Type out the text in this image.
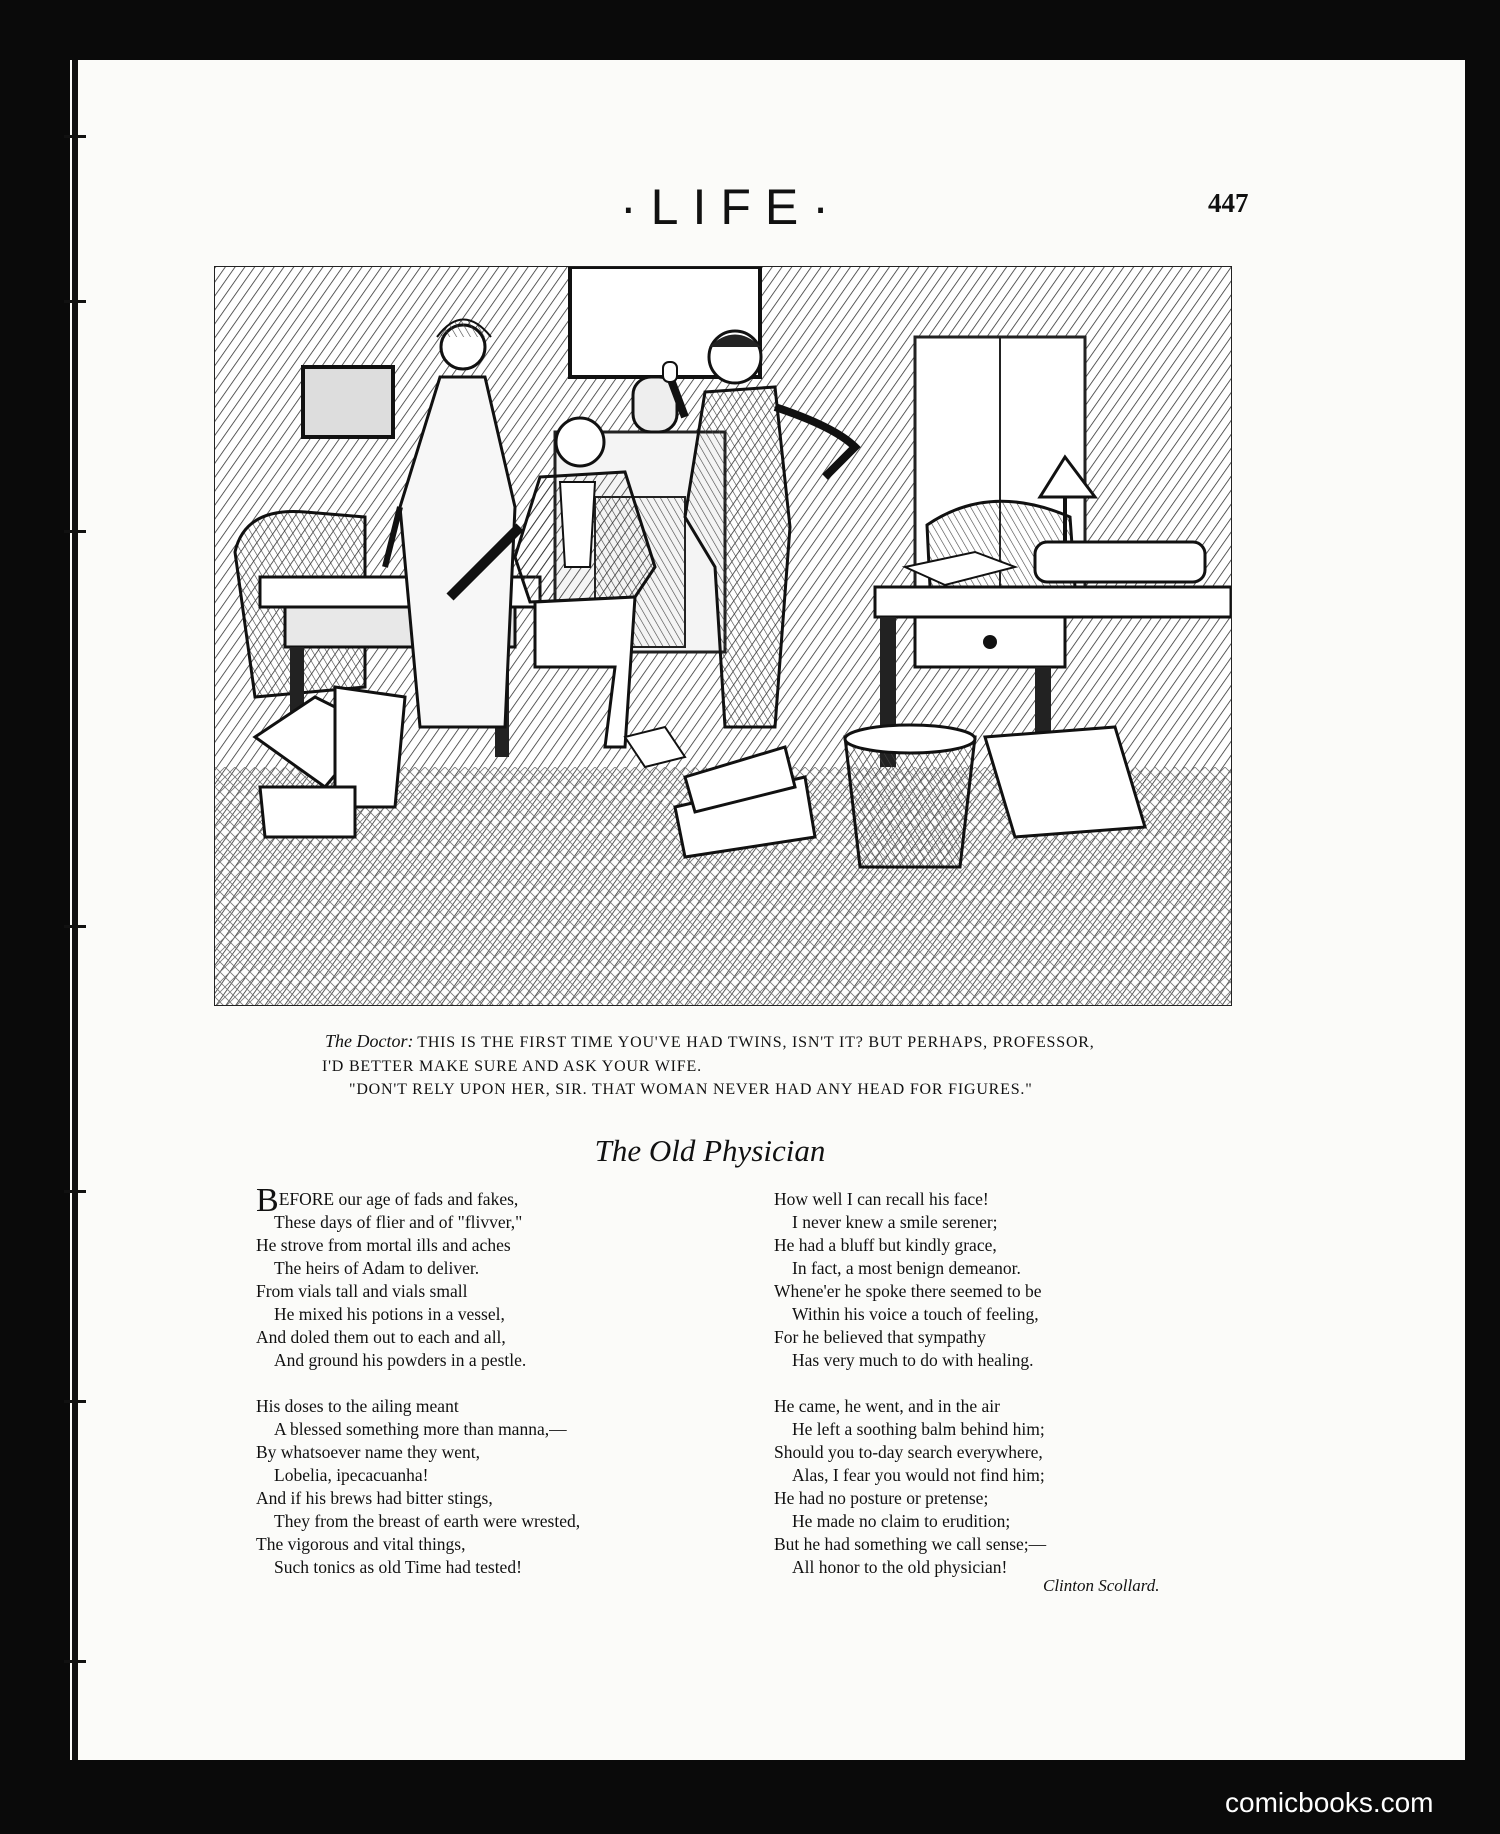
·LIFE·	447
The Doctor: THIS IS THE FIRST TIME YOU'VE HAD TWINS, ISN'T IT? BUT PERHAPS, PROFESSOR,
I'D BETTER MAKE SURE AND ASK YOUR WIFE.
"DON'T RELY UPON HER, SIR. THAT WOMAN NEVER HAD ANY HEAD FOR FIGURES."
The Old Physician
BEFORE our age of fads and fakes,
These days of flier and of "flivver,"
He strove from mortal ills and aches
The heirs of Adam to deliver.
From vials tall and vials small
He mixed his potions in a vessel,
And doled them out to each and all,
And ground his powders in a pestle.
His doses to the ailing meant
A blessed something more than manna,—
By whatsoever name they went,
Lobelia, ipecacuanha!
And if his brews had bitter stings,
They from the breast of earth were wrested,
The vigorous and vital things,
Such tonics as old Time had tested!
How well I can recall his face!
I never knew a smile serener;
He had a bluff but kindly grace,
In fact, a most benign demeanor.
Whene'er he spoke there seemed to be
Within his voice a touch of feeling,
For he believed that sympathy
Has very much to do with healing.
He came, he went, and in the air
He left a soothing balm behind him;
Should you to-day search everywhere,
Alas, I fear you would not find him;
He had no posture or pretense;
He made no claim to erudition;
But he had something we call sense;—
All honor to the old physician!
Clinton Scollard.
comicbooks.com
